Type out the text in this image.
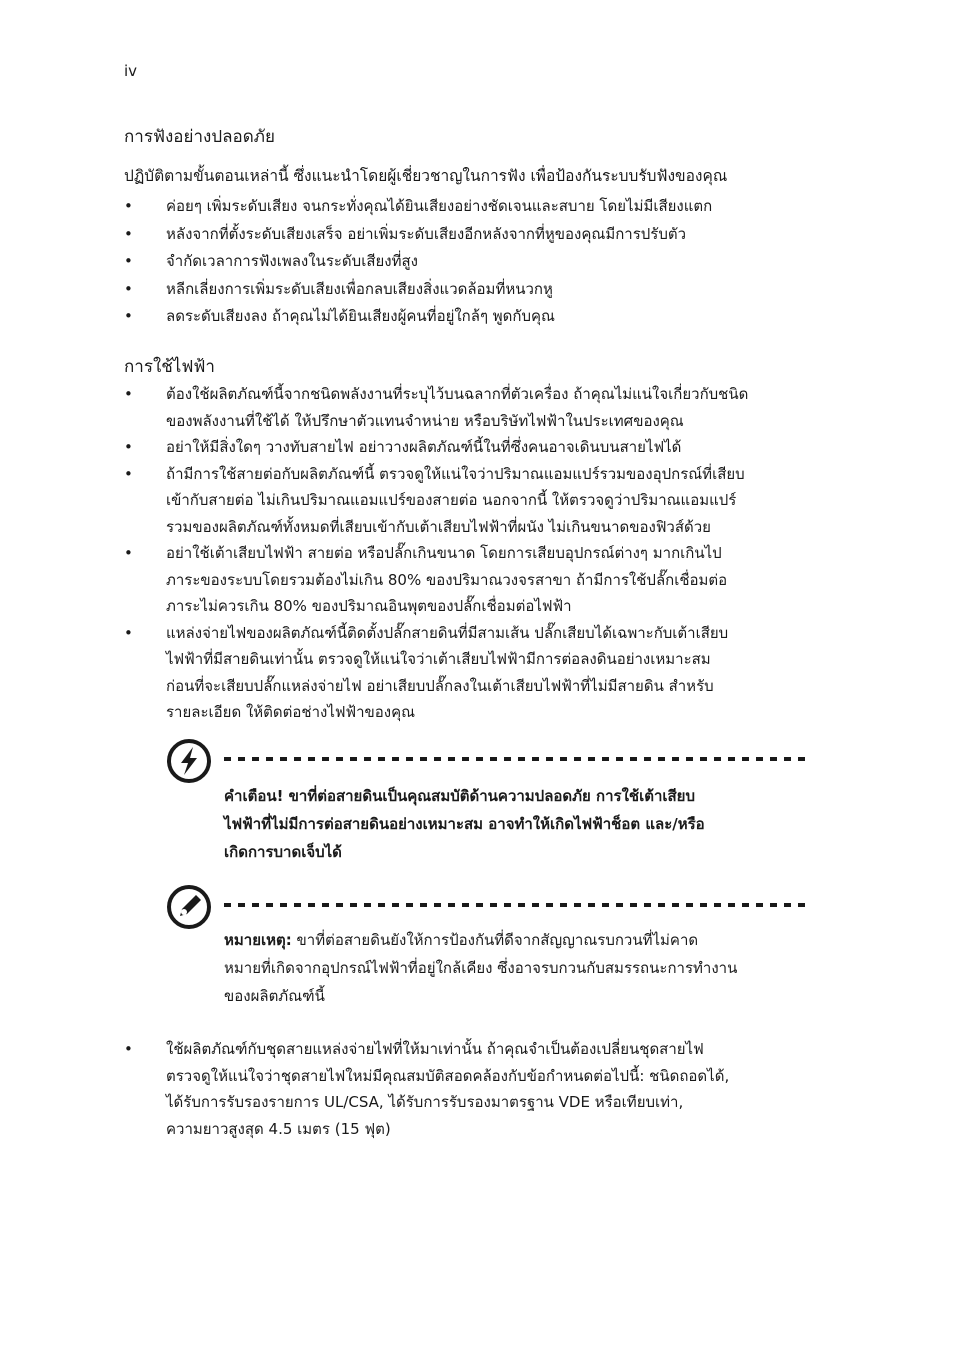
iv
การฟังอย่างปลอดภัย
ปฏิบัติตามขั้นตอนเหล่านี้ ซึ่งแนะนำโดยผู้เชี่ยวชาญในการฟัง เพื่อป้องกันระบบรับฟังของคุณ
• ค่อยๆ เพิ่มระดับเสียง จนกระทั่งคุณได้ยินเสียงอย่างชัดเจนและสบาย โดยไม่มีเสียงแตก
• หลังจากที่ตั้งระดับเสียงเสร็จ อย่าเพิ่มระดับเสียงอีกหลังจากที่หูของคุณมีการปรับตัว
• จำกัดเวลาการฟังเพลงในระดับเสียงที่สูง
• หลีกเลี่ยงการเพิ่มระดับเสียงเพื่อกลบเสียงสิ่งแวดล้อมที่หนวกหู
• ลดระดับเสียงลง ถ้าคุณไม่ได้ยินเสียงผู้คนที่อยู่ใกล้ๆ พูดกับคุณ
การใช้ไฟฟ้า
• ต้องใช้ผลิตภัณฑ์นี้จากชนิดพลังงานที่ระบุไว้บนฉลากที่ตัวเครื่อง ถ้าคุณไม่แน่ใจเกี่ยวกับชนิด
ของพลังงานที่ใช้ได้ ให้ปรึกษาตัวแทนจำหน่าย หรือบริษัทไฟฟ้าในประเทศของคุณ
• อย่าให้มีสิ่งใดๆ วางทับสายไฟ อย่าวางผลิตภัณฑ์นี้ในที่ซึ่งคนอาจเดินบนสายไฟได้
• ถ้ามีการใช้สายต่อกับผลิตภัณฑ์นี้ ตรวจดูให้แน่ใจว่าปริมาณแอมแปร์รวมของอุปกรณ์ที่เสียบ
เข้ากับสายต่อ ไม่เกินปริมาณแอมแปร์ของสายต่อ นอกจากนี้ ให้ตรวจดูว่าปริมาณแอมแปร์
รวมของผลิตภัณฑ์ทั้งหมดที่เสียบเข้ากับเต้าเสียบไฟฟ้าที่ผนัง ไม่เกินขนาดของฟิวส์ด้วย
• อย่าใช้เต้าเสียบไฟฟ้า สายต่อ หรือปลั๊กเกินขนาด โดยการเสียบอุปกรณ์ต่างๆ มากเกินไป
ภาระของระบบโดยรวมต้องไม่เกิน 80% ของปริมาณวงจรสาขา ถ้ามีการใช้ปลั๊กเชื่อมต่อ
ภาระไม่ควรเกิน 80% ของปริมาณอินพุตของปลั๊กเชื่อมต่อไฟฟ้า
• แหล่งจ่ายไฟของผลิตภัณฑ์นี้ติดตั้งปลั๊กสายดินที่มีสามเส้น ปลั๊กเสียบได้เฉพาะกับเต้าเสียบ
ไฟฟ้าที่มีสายดินเท่านั้น ตรวจดูให้แน่ใจว่าเต้าเสียบไฟฟ้ามีการต่อลงดินอย่างเหมาะสม
ก่อนที่จะเสียบปลั๊กแหล่งจ่ายไฟ อย่าเสียบปลั๊กลงในเต้าเสียบไฟฟ้าที่ไม่มีสายดิน สำหรับ
รายละเอียด ให้ติดต่อช่างไฟฟ้าของคุณ
คำเตือน! ขาที่ต่อสายดินเป็นคุณสมบัติด้านความปลอดภัย การใช้เต้าเสียบ
ไฟฟ้าที่ไม่มีการต่อสายดินอย่างเหมาะสม อาจทำให้เกิดไฟฟ้าช็อต และ/หรือ
เกิดการบาดเจ็บได้
หมายเหตุ: ขาที่ต่อสายดินยังให้การป้องกันที่ดีจากสัญญาณรบกวนที่ไม่คาด
หมายที่เกิดจากอุปกรณ์ไฟฟ้าที่อยู่ใกล้เคียง ซึ่งอาจรบกวนกับสมรรถนะการทำงาน
ของผลิตภัณฑ์นี้
• ใช้ผลิตภัณฑ์กับชุดสายแหล่งจ่ายไฟที่ให้มาเท่านั้น ถ้าคุณจำเป็นต้องเปลี่ยนชุดสายไฟ
ตรวจดูให้แน่ใจว่าชุดสายไฟใหม่มีคุณสมบัติสอดคล้องกับข้อกำหนดต่อไปนี้: ชนิดถอดได้,
ได้รับการรับรองรายการ UL/CSA, ได้รับการรับรองมาตรฐาน VDE หรือเทียบเท่า,
ความยาวสูงสุด 4.5 เมตร (15 ฟุต)
